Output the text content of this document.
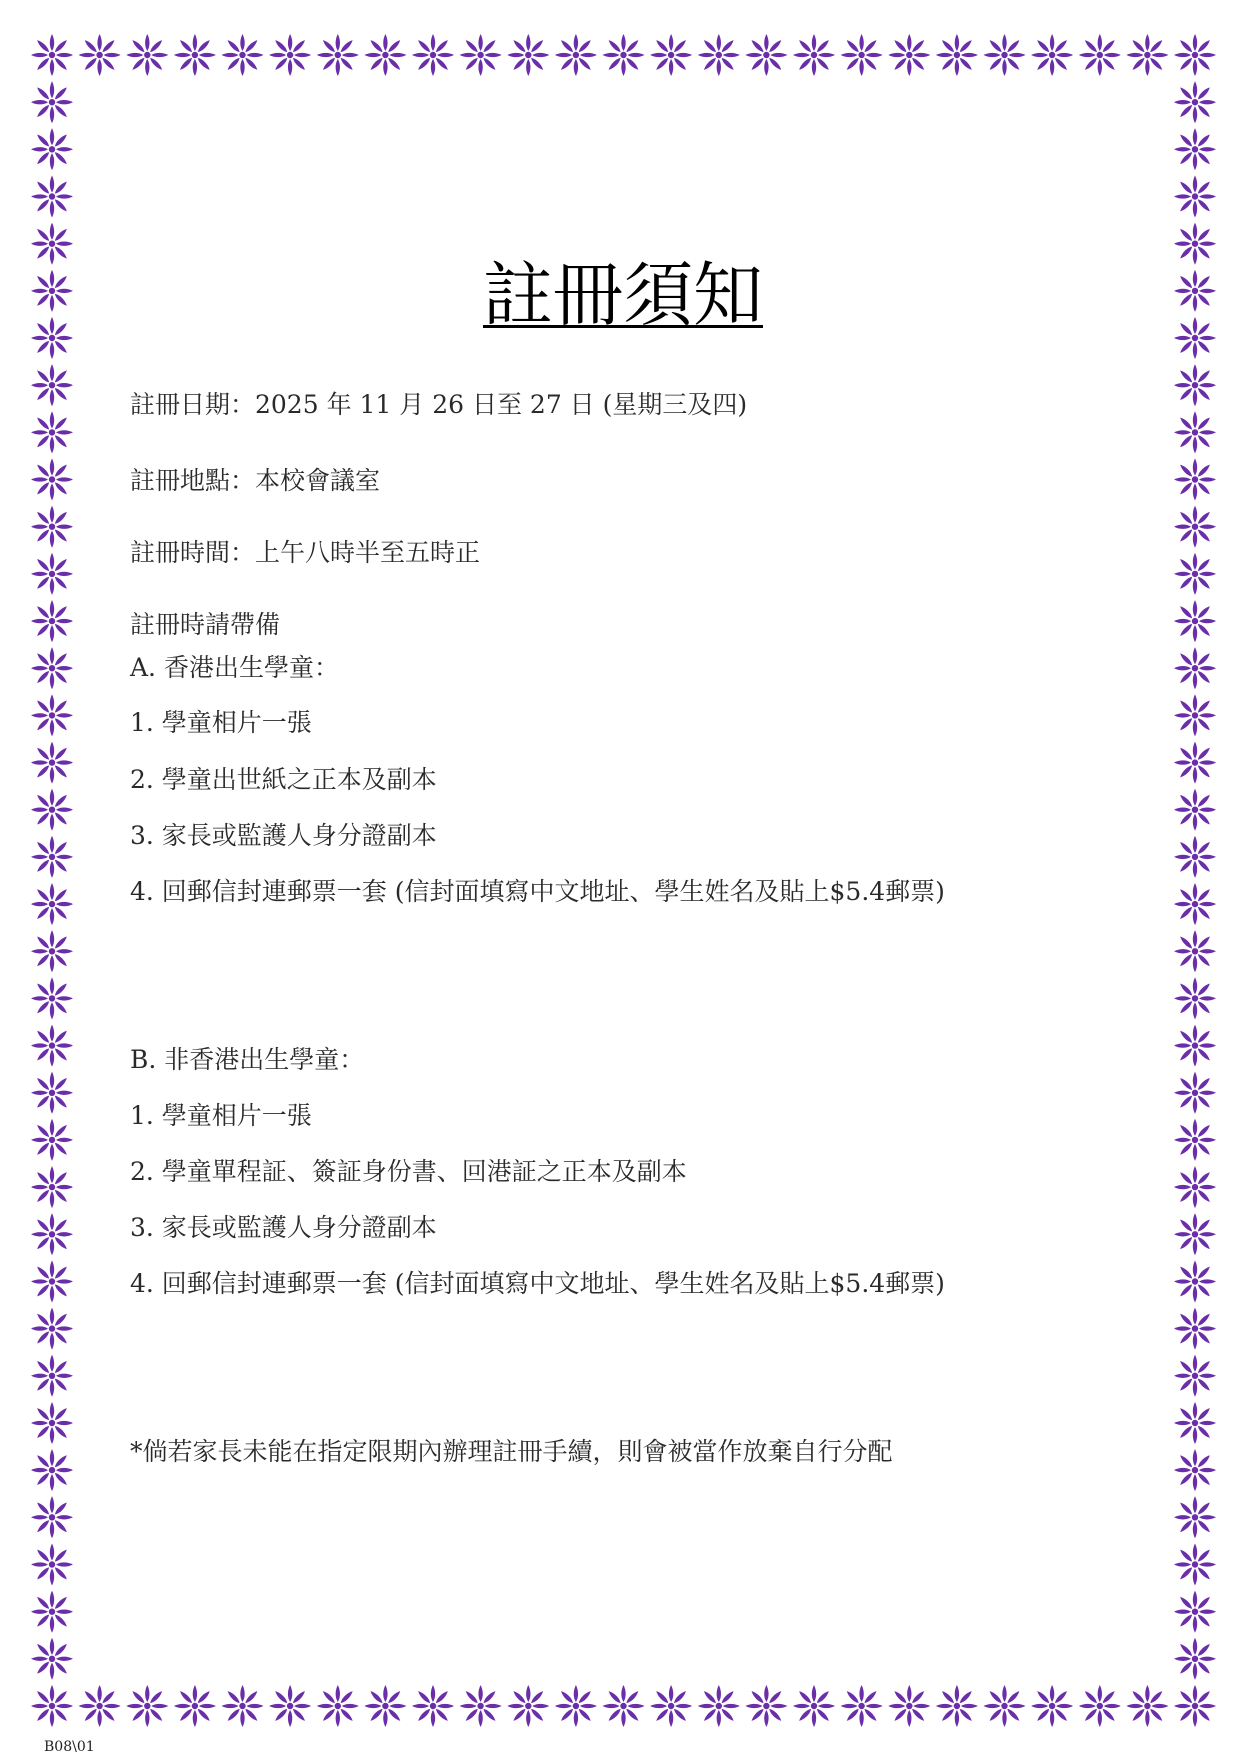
註冊須知
註冊日期：2025 年 11 月 26 日至 27 日 (星期三及四)
註冊地點：本校會議室
註冊時間：上午八時半至五時正
註冊時請帶備
A. 香港出生學童：
1. 學童相片一張
2. 學童出世紙之正本及副本
3. 家長或監護人身分證副本
4. 回郵信封連郵票一套 (信封面填寫中文地址、學生姓名及貼上$5.4郵票)
B. 非香港出生學童：
1. 學童相片一張
2. 學童單程証、簽証身份書、回港証之正本及副本
3. 家長或監護人身分證副本
4. 回郵信封連郵票一套 (信封面填寫中文地址、學生姓名及貼上$5.4郵票)
*倘若家長未能在指定限期內辦理註冊手續，則會被當作放棄自行分配
B08\01
